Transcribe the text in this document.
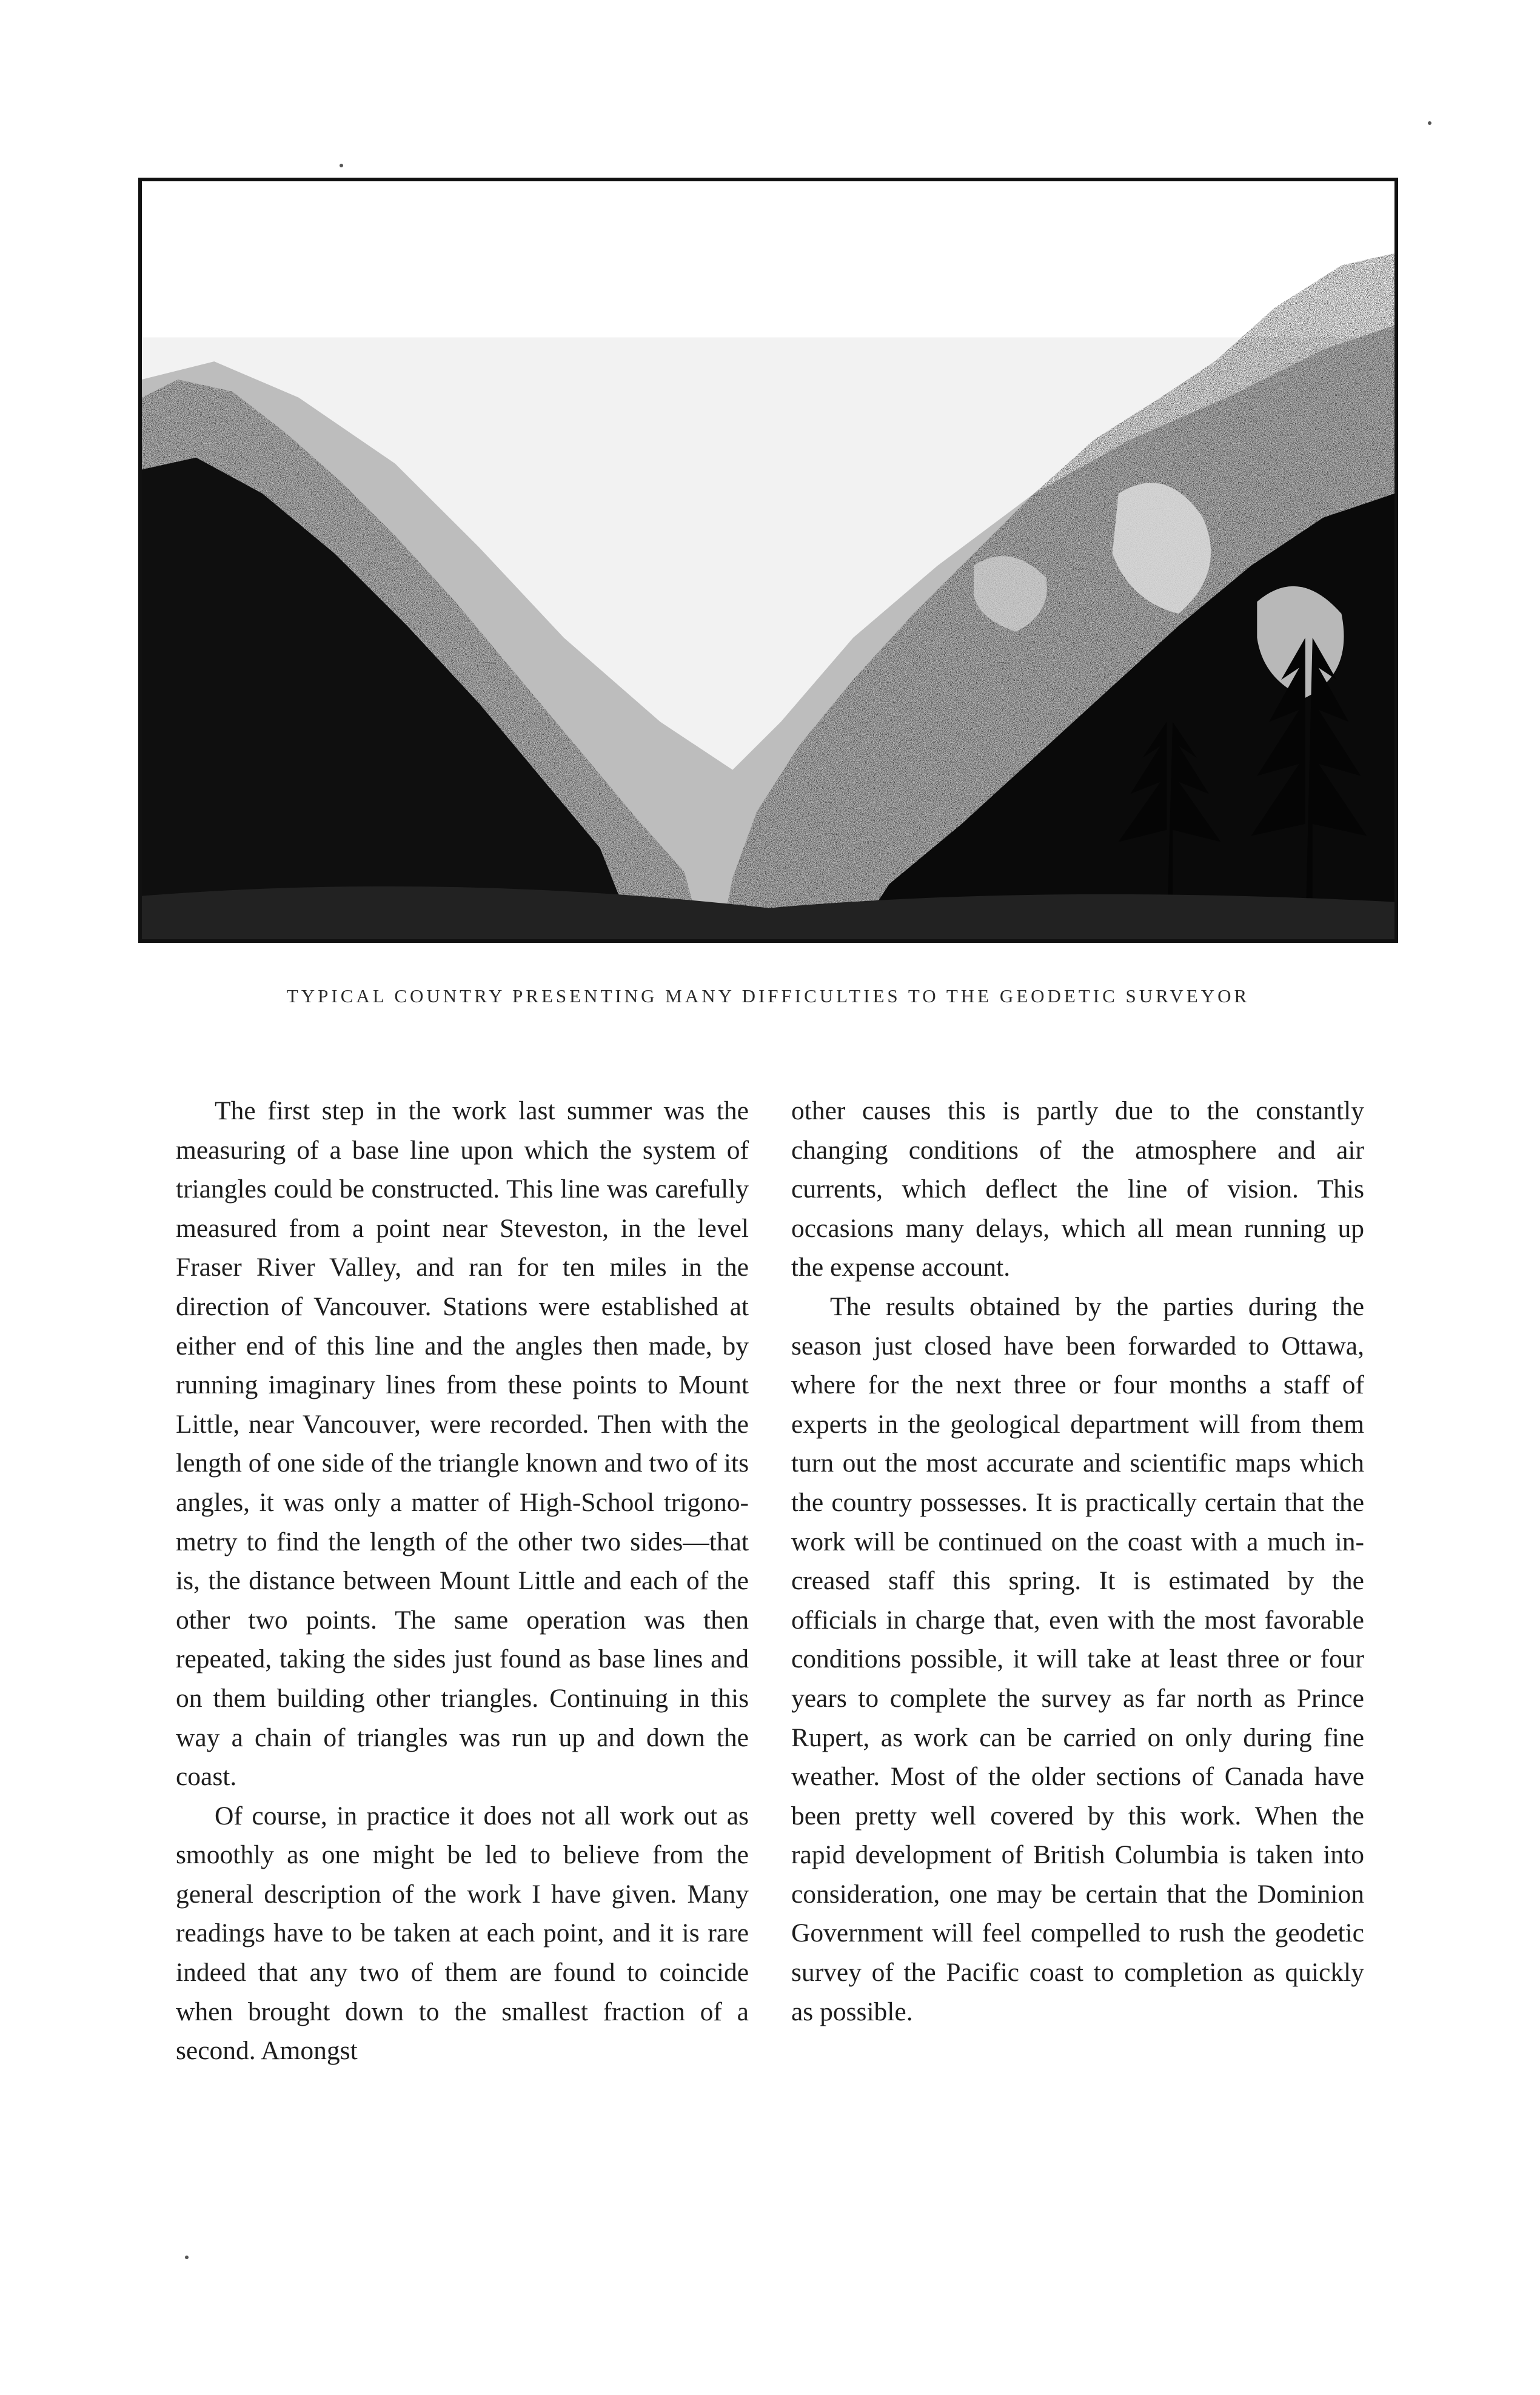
TYPICAL COUNTRY PRESENTING MANY DIFFICULTIES TO THE GEODETIC SURVEYOR

The first step in the work last summer was the measuring of a base line upon which the system of triangles could be constructed. This line was carefully measured from a point near Steveston, in the level Fraser River Valley, and ran for ten miles in the direction of Vancouver. Stations were established at either end of this line and the angles then made, by running imaginary lines from these points to Mount Little, near Vancouver, were recorded. Then with the length of one side of the triangle known and two of its angles, it was only a matter of High-School trigonometry to find the length of the other two sides—that is, the distance between Mount Little and each of the other two points. The same operation was then repeated, taking the sides just found as base lines and on them building other triangles. Continuing in this way a chain of triangles was run up and down the coast.

Of course, in practice it does not all work out as smoothly as one might be led to believe from the general description of the work I have given. Many readings have to be taken at each point, and it is rare indeed that any two of them are found to coincide when brought down to the smallest fraction of a second. Amongst

other causes this is partly due to the constantly changing conditions of the atmosphere and air currents, which deflect the line of vision. This occasions many delays, which all mean running up the expense account.

The results obtained by the parties during the season just closed have been forwarded to Ottawa, where for the next three or four months a staff of experts in the geological department will from them turn out the most accurate and scientific maps which the country possesses. It is practically certain that the work will be continued on the coast with a much increased staff this spring. It is estimated by the officials in charge that, even with the most favorable conditions possible, it will take at least three or four years to complete the survey as far north as Prince Rupert, as work can be carried on only during fine weather. Most of the older sections of Canada have been pretty well covered by this work. When the rapid development of British Columbia is taken into consideration, one may be certain that the Dominion Government will feel compelled to rush the geodetic survey of the Pacific coast to completion as quickly as possible.
